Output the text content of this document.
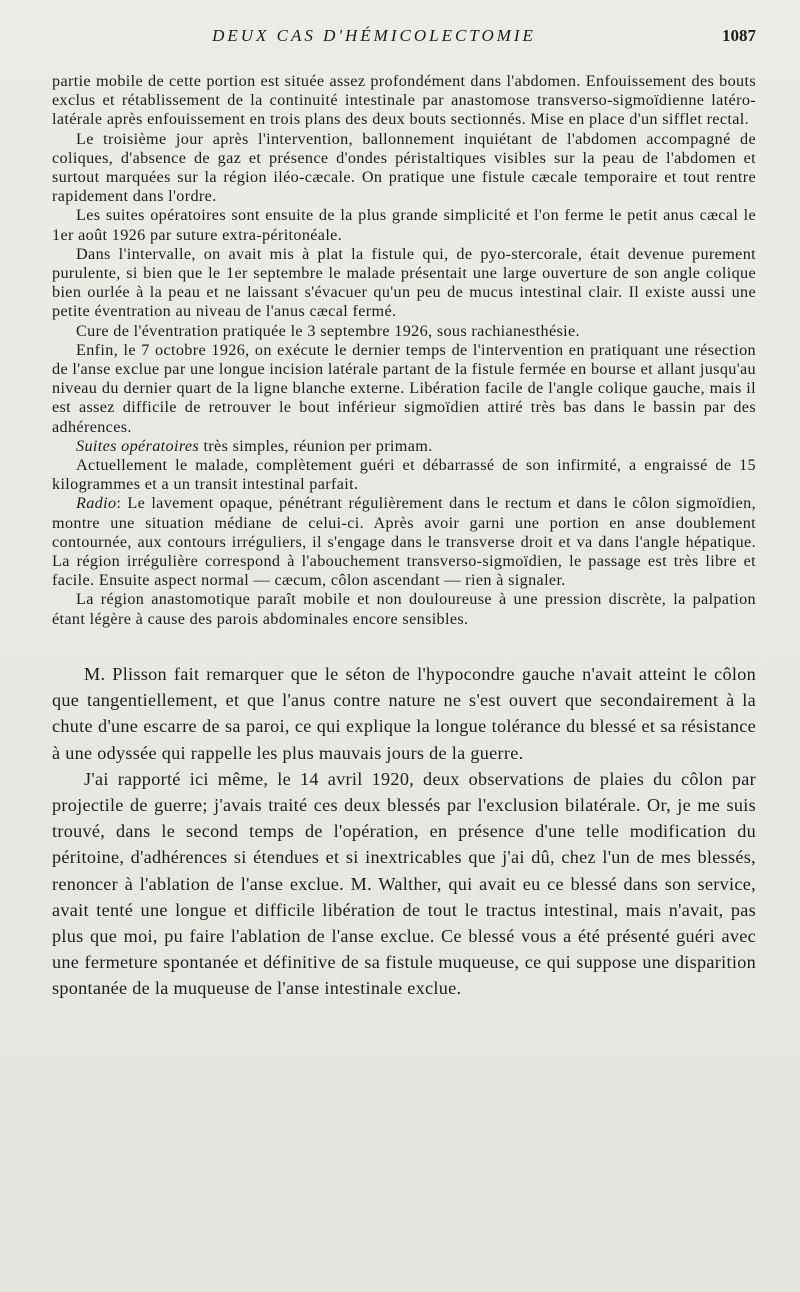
DEUX CAS D'HÉMICOLECTOMIE	1087

partie mobile de cette portion est située assez profondément dans l'abdomen. Enfouissement des bouts exclus et rétablissement de la continuité intestinale par anastomose transverso-sigmoïdienne latéro-latérale après enfouissement en trois plans des deux bouts sectionnés. Mise en place d'un sifflet rectal.

Le troisième jour après l'intervention, ballonnement inquiétant de l'abdomen accompagné de coliques, d'absence de gaz et présence d'ondes péristaltiques visibles sur la peau de l'abdomen et surtout marquées sur la région iléo-cæcale. On pratique une fistule cæcale temporaire et tout rentre rapidement dans l'ordre.

Les suites opératoires sont ensuite de la plus grande simplicité et l'on ferme le petit anus cæcal le 1er août 1926 par suture extra-péritonéale.

Dans l'intervalle, on avait mis à plat la fistule qui, de pyo-stercorale, était devenue purement purulente, si bien que le 1er septembre le malade présentait une large ouverture de son angle colique bien ourlée à la peau et ne laissant s'évacuer qu'un peu de mucus intestinal clair. Il existe aussi une petite éventration au niveau de l'anus cæcal fermé.

Cure de l'éventration pratiquée le 3 septembre 1926, sous rachianesthésie.

Enfin, le 7 octobre 1926, on exécute le dernier temps de l'intervention en pratiquant une résection de l'anse exclue par une longue incision latérale partant de la fistule fermée en bourse et allant jusqu'au niveau du dernier quart de la ligne blanche externe. Libération facile de l'angle colique gauche, mais il est assez difficile de retrouver le bout inférieur sigmoïdien attiré très bas dans le bassin par des adhérences.

Suites opératoires très simples, réunion per primam.

Actuellement le malade, complètement guéri et débarrassé de son infirmité, a engraissé de 15 kilogrammes et a un transit intestinal parfait.

Radio: Le lavement opaque, pénétrant régulièrement dans le rectum et dans le côlon sigmoïdien, montre une situation médiane de celui-ci. Après avoir garni une portion en anse doublement contournée, aux contours irréguliers, il s'engage dans le transverse droit et va dans l'angle hépatique. La région irrégulière correspond à l'abouchement transverso-sigmoïdien, le passage est très libre et facile. Ensuite aspect normal — cæcum, côlon ascendant — rien à signaler.

La région anastomotique paraît mobile et non douloureuse à une pression discrète, la palpation étant légère à cause des parois abdominales encore sensibles.

M. Plisson fait remarquer que le séton de l'hypocondre gauche n'avait atteint le côlon que tangentiellement, et que l'anus contre nature ne s'est ouvert que secondairement à la chute d'une escarre de sa paroi, ce qui explique la longue tolérance du blessé et sa résistance à une odyssée qui rappelle les plus mauvais jours de la guerre.

J'ai rapporté ici même, le 14 avril 1920, deux observations de plaies du côlon par projectile de guerre; j'avais traité ces deux blessés par l'exclusion bilatérale. Or, je me suis trouvé, dans le second temps de l'opération, en présence d'une telle modification du péritoine, d'adhérences si étendues et si inextricables que j'ai dû, chez l'un de mes blessés, renoncer à l'ablation de l'anse exclue. M. Walther, qui avait eu ce blessé dans son service, avait tenté une longue et difficile libération de tout le tractus intestinal, mais n'avait, pas plus que moi, pu faire l'ablation de l'anse exclue. Ce blessé vous a été présenté guéri avec une fermeture spontanée et définitive de sa fistule muqueuse, ce qui suppose une disparition spontanée de la muqueuse de l'anse intestinale exclue.
